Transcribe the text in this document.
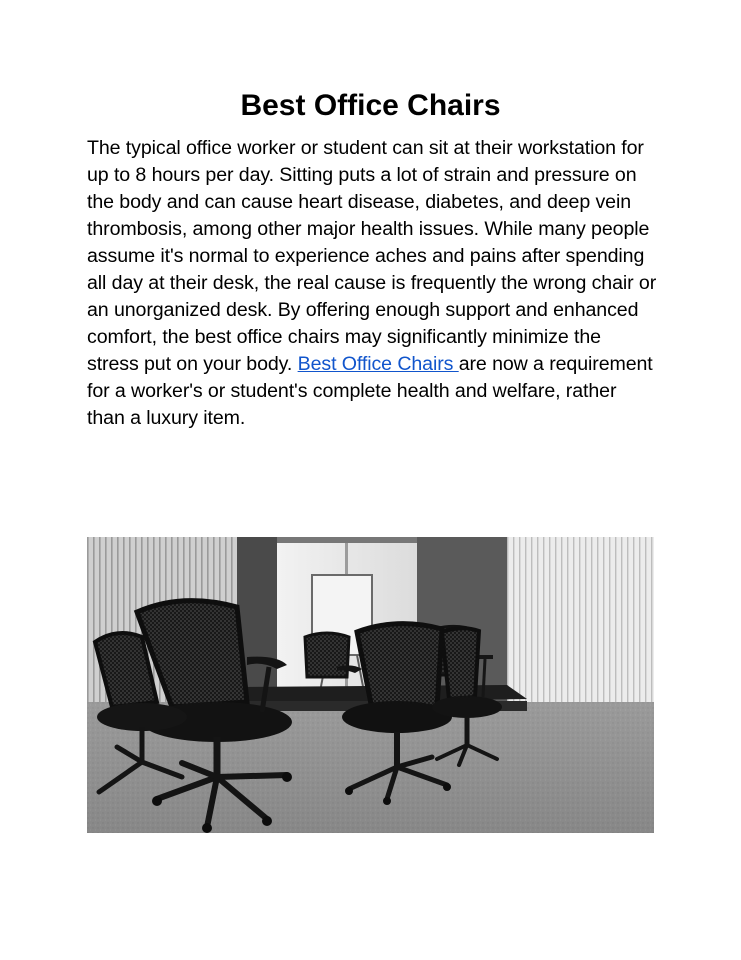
Best Office Chairs

The typical office worker or student can sit at their workstation for up to 8 hours per day. Sitting puts a lot of strain and pressure on the body and can cause heart disease, diabetes, and deep vein thrombosis, among other major health issues. While many people assume it's normal to experience aches and pains after spending all day at their desk, the real cause is frequently the wrong chair or an unorganized desk. By offering enough support and enhanced comfort, the best office chairs may significantly minimize the stress put on your body. Best Office Chairs are now a requirement for a worker's or student's complete health and welfare, rather than a luxury item.
